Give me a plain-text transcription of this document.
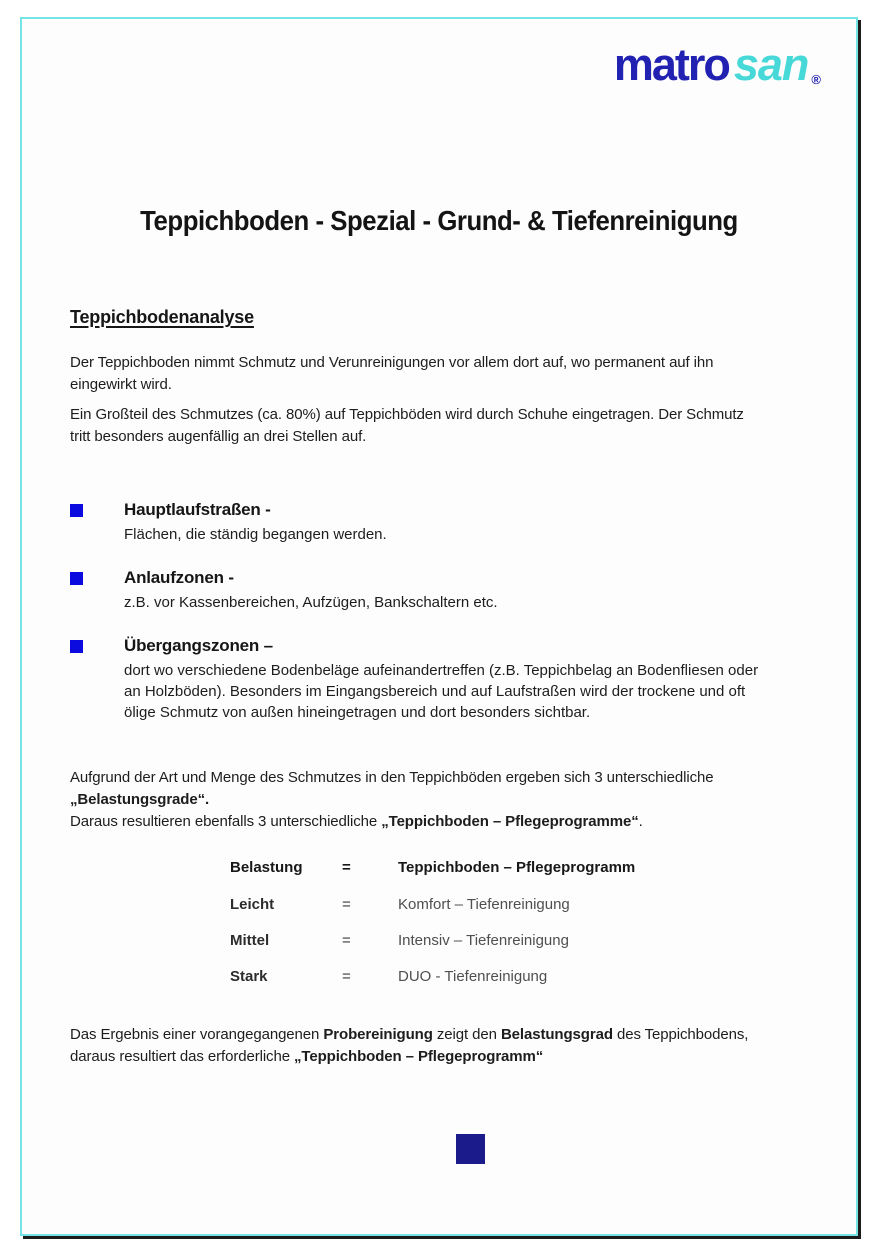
matro san ®
Teppichboden - Spezial - Grund- & Tiefenreinigung
Teppichbodenanalyse

Der Teppichboden nimmt Schmutz und Verunreinigungen vor allem dort auf, wo permanent auf ihn
eingewirkt wird.

Ein Großteil des Schmutzes (ca. 80%) auf Teppichböden wird durch Schuhe eingetragen. Der Schmutz
tritt besonders augenfällig an drei Stellen auf.

Hauptlaufstraßen -
Flächen, die ständig begangen werden.
Anlaufzonen -
z.B. vor Kassenbereichen, Aufzügen, Bankschaltern etc.
Übergangszonen –
dort wo verschiedene Bodenbeläge aufeinandertreffen (z.B. Teppichbelag an Bodenfliesen oder
an Holzböden). Besonders im Eingangsbereich und auf Laufstraßen wird der trockene und oft
ölige Schmutz von außen hineingetragen und dort besonders sichtbar.

Aufgrund der Art und Menge des Schmutzes in den Teppichböden ergeben sich 3 unterschiedliche
„Belastungsgrade“.
Daraus resultieren ebenfalls 3 unterschiedliche „Teppichboden – Pflegeprogramme“.

Belastung	=	Teppichboden – Pflegeprogramm
Leicht	=	Komfort – Tiefenreinigung
Mittel	=	Intensiv – Tiefenreinigung
Stark	=	DUO - Tiefenreinigung

Das Ergebnis einer vorangegangenen Probereinigung zeigt den Belastungsgrad des Teppichbodens,
daraus resultiert das erforderliche „Teppichboden – Pflegeprogramm“
